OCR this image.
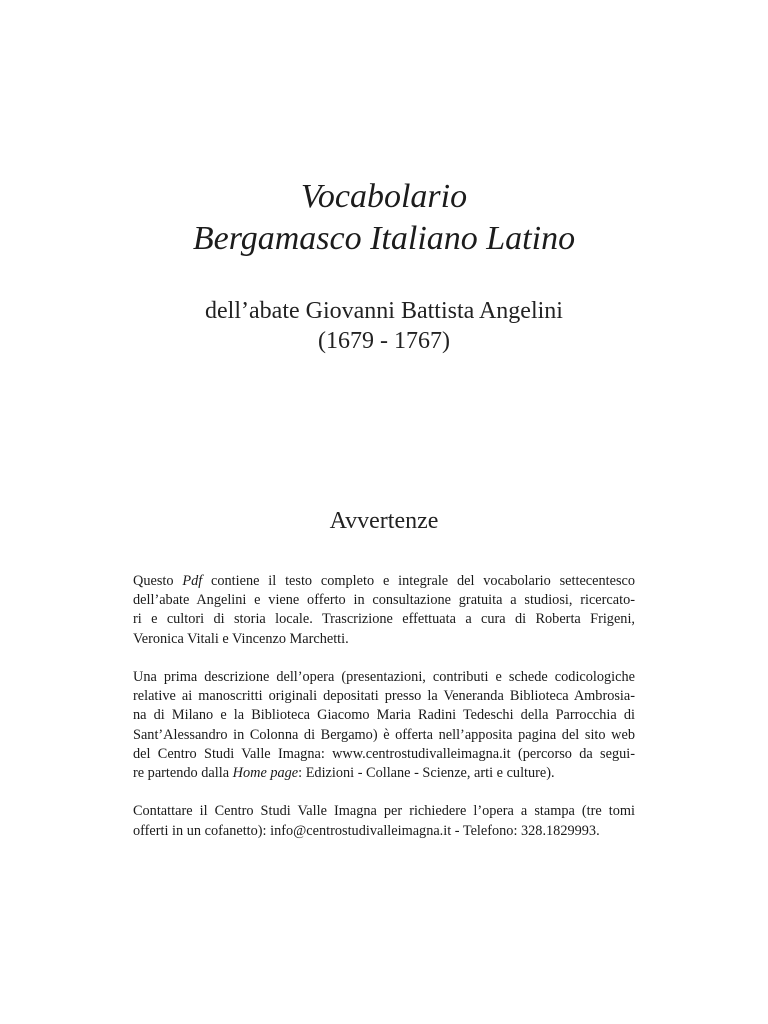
Vocabolario
Bergamasco Italiano Latino
dell’abate Giovanni Battista Angelini
(1679 - 1767)
Avvertenze
Questo Pdf contiene il testo completo e integrale del vocabolario settecentesco
dell’abate Angelini e viene offerto in consultazione gratuita a studiosi, ricercato-
ri e cultori di storia locale. Trascrizione effettuata a cura di Roberta Frigeni,
Veronica Vitali e Vincenzo Marchetti.
Una prima descrizione dell’opera (presentazioni, contributi e schede codicologiche
relative ai manoscritti originali depositati presso la Veneranda Biblioteca Ambrosia-
na di Milano e la Biblioteca Giacomo Maria Radini Tedeschi della Parrocchia di
Sant’Alessandro in Colonna di Bergamo) è offerta nell’apposita pagina del sito web
del Centro Studi Valle Imagna: www.centrostudivalleimagna.it (percorso da segui-
re partendo dalla Home page: Edizioni - Collane - Scienze, arti e culture).
Contattare il Centro Studi Valle Imagna per richiedere l’opera a stampa (tre tomi
offerti in un cofanetto): info@centrostudivalleimagna.it - Telefono: 328.1829993.
